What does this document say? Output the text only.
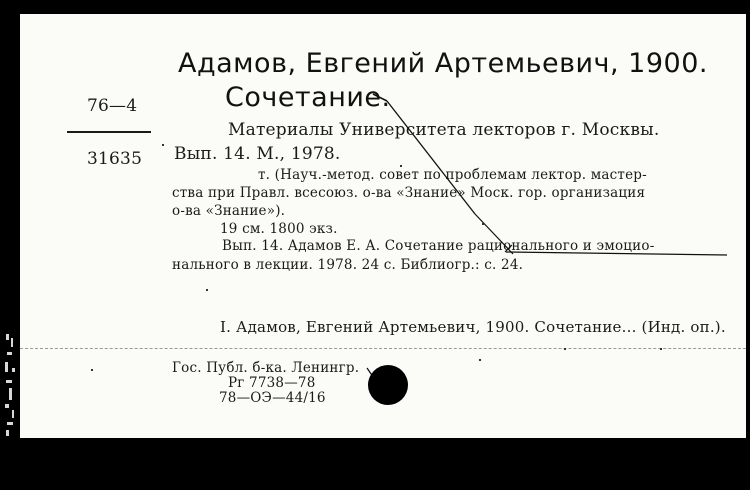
Адамов, Евгений Артемьевич, 1900.
Сочетание.
76—4
31635
Материалы Университета лекторов г. Москвы.
Вып. 14. М., 1978.
т. (Науч.-метод. совет по проблемам лектор. мастер-
ства при Правл. всесоюз. о-ва «Знание» Моск. гор. организация
о-ва «Знание»).
19 см. 1800 экз.
Вып. 14. Адамов Е. А. Сочетание рационального и эмоцио-
нального в лекции. 1978. 24 с. Библиогр.: с. 24.
I. Адамов, Евгений Артемьевич, 1900. Сочетание... (Инд. оп.).
Гос. Публ. б-ка. Ленингр.
Рг 7738—78
78—ОЭ—44/16
